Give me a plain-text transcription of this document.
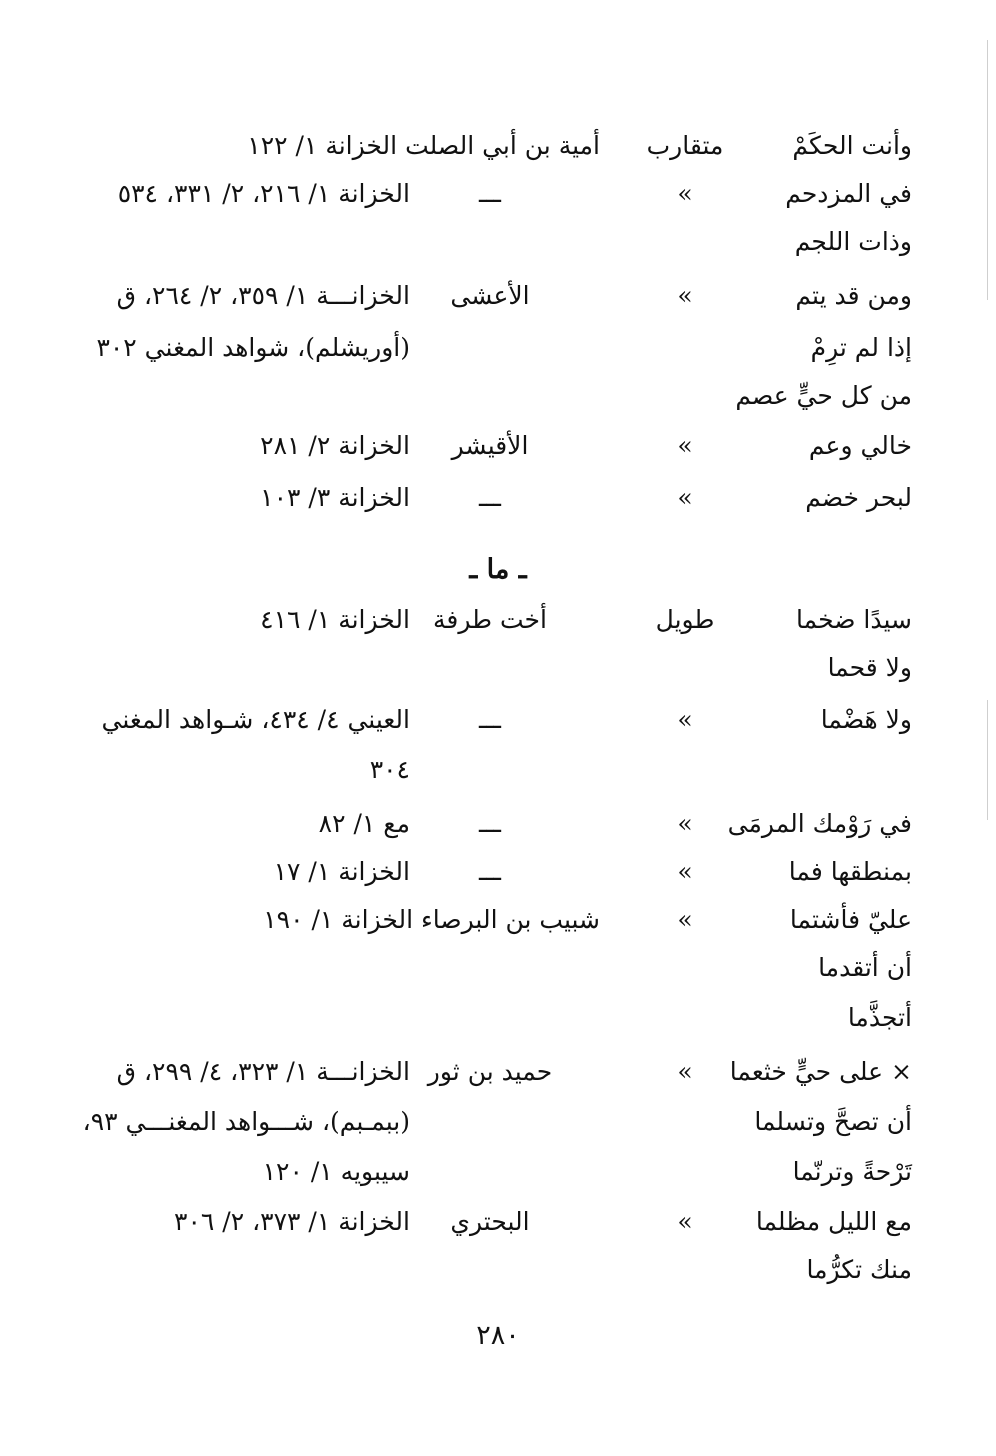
وأنت الحكَمْ
متقارب
أمية بن أبي الصلت الخزانة ١/ ١٢٢
في المزدحم
»
ـــ
الخزانة ١/ ٢١٦، ٢/ ٣٣١، ٥٣٤
وذات اللجم
ومن قد يتم
»
الأعشى
الخزانـــة ١/ ٣٥٩، ٢/ ٢٦٤، ق
إذا لم ترِمْ
(أوريشلم)، شواهد المغني ٣٠٢
من كل حيٍّ عصم
خالي وعم
»
الأقيشر
الخزانة ٢/ ٢٨١
لبحر خضم
»
ـــ
الخزانة ٣/ ١٠٣
ـ ما ـ
سيدًا ضخما
طويل
أخت طرفة
الخزانة ١/ ٤١٦
ولا قحما
ولا هَضْما
»
ـــ
العيني ٤/ ٤٣٤، شـواهد المغني
٣٠٤
في رَوْمك المرمَى
»
ـــ
مع ١/ ٨٢
بمنطقها فما
»
ـــ
الخزانة ١/ ١٧
عليّ فأشتما
»
شبيب بن البرصاء الخزانة ١/ ١٩٠
أن أتقدما
أتجذَّما
× على حيٍّ خثعما
»
حميد بن ثور
الخزانـــة ١/ ٣٢٣، ٤/ ٢٩٩، ق
أن تصحَّ وتسلما
(ببمـبم)، شـــواهد المغنـــي ٩٣،
تَرْحةً وترنّما
سيبويه ١/ ١٢٠
مع الليل مظلما
»
البحتري
الخزانة ١/ ٣٧٣، ٢/ ٣٠٦
منك تكرُّما
٢٨٠
